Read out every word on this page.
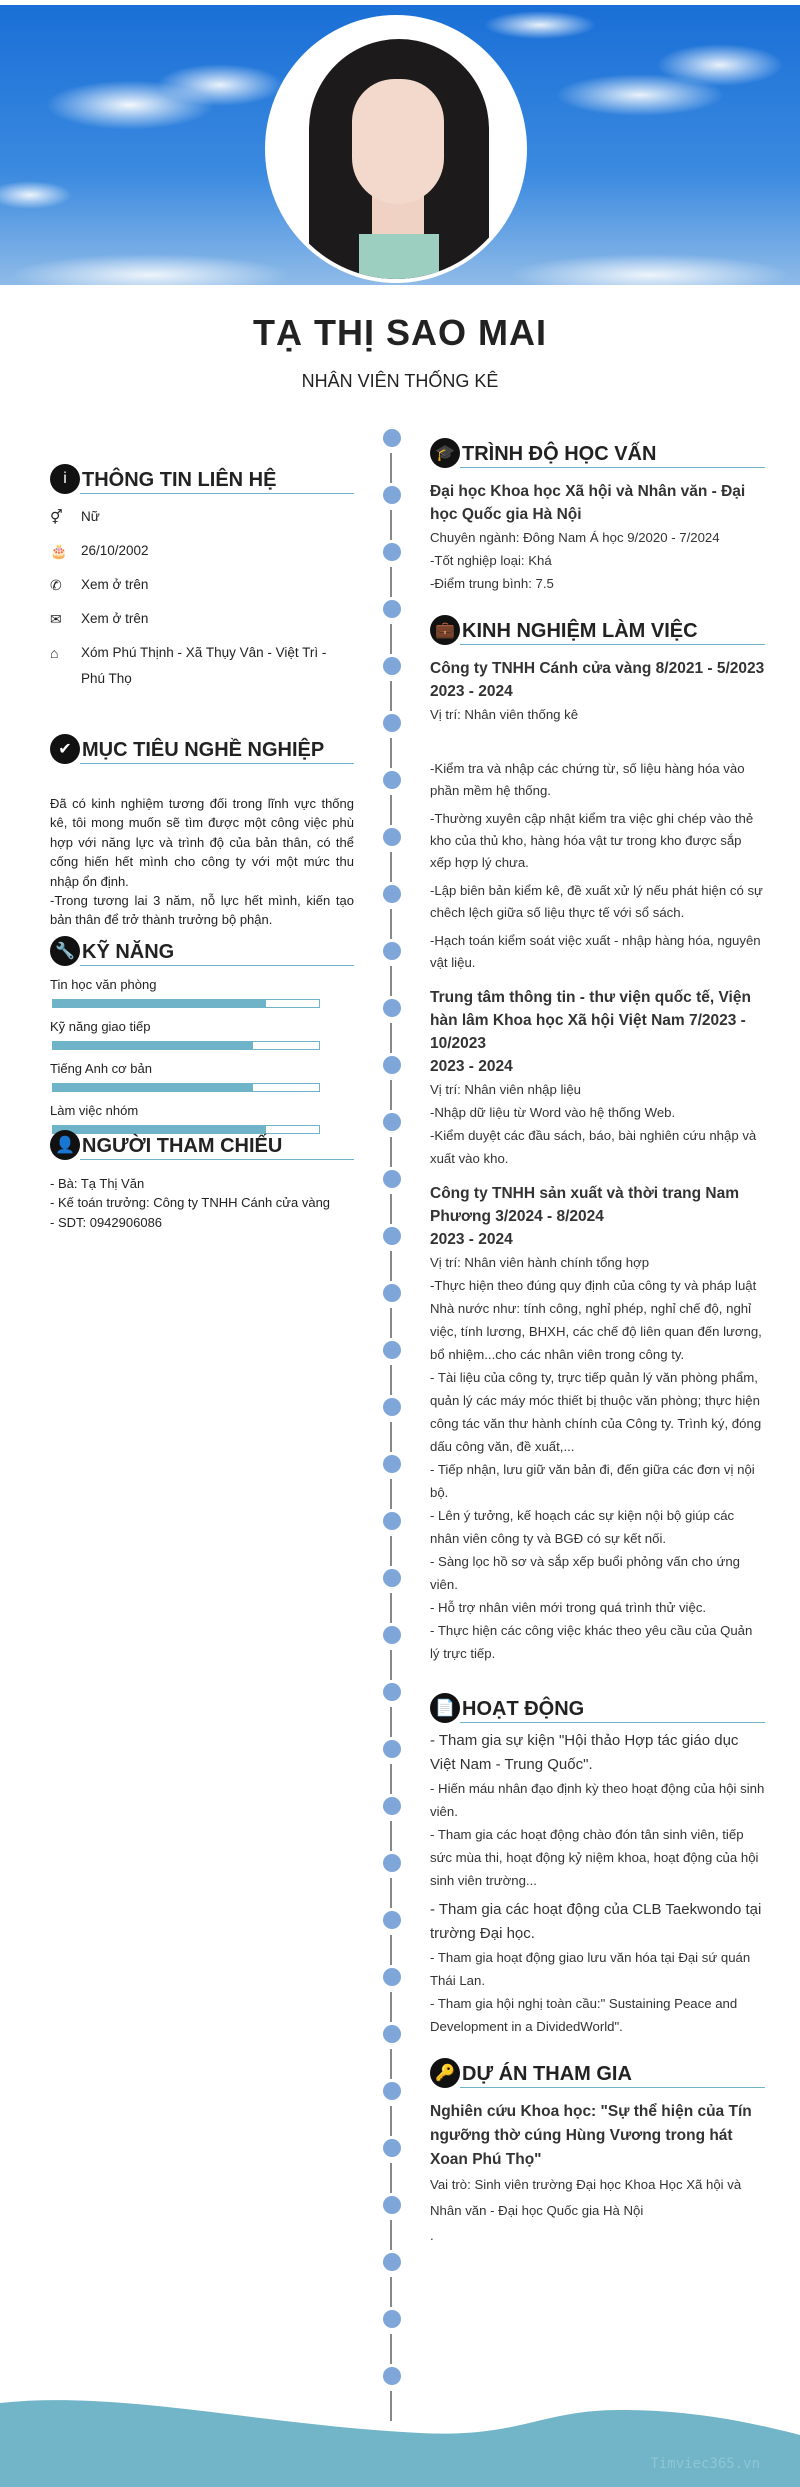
TẠ THỊ SAO MAI
NHÂN VIÊN THỐNG KÊ
i THÔNG TIN LIÊN HỆ
⚥	Nữ
🎂	26/10/2002
✆	Xem ở trên
✉	Xem ở trên
⌂	Xóm Phú Thịnh - Xã Thụy Vân - Việt Trì - Phú Thọ
✔ MỤC TIÊU NGHỀ NGHIỆP
Đã có kinh nghiệm tương đối trong lĩnh vực thống kê, tôi mong muốn sẽ tìm được một công việc phù hợp với năng lực và trình độ của bản thân, có thể cống hiến hết mình cho công ty với một mức thu nhập ổn định.
-Trong tương lai 3 năm, nỗ lực hết mình, kiến tạo bản thân để trở thành trưởng bộ phận.
🔧 KỸ NĂNG
Tin học văn phòng
Kỹ năng giao tiếp
Tiếng Anh cơ bản
Làm việc nhóm
👤 NGƯỜI THAM CHIẾU
- Bà: Tạ Thị Văn
- Kế toán trưởng: Công ty TNHH Cánh cửa vàng
- SDT: 0942906086
🎓 TRÌNH ĐỘ HỌC VẤN
Đại học Khoa học Xã hội và Nhân văn - Đại học Quốc gia Hà Nội
Chuyên ngành: Đông Nam Á học 9/2020 - 7/2024
-Tốt nghiệp loại: Khá
-Điểm trung bình: 7.5
💼 KINH NGHIỆM LÀM VIỆC
Công ty TNHH Cánh cửa vàng 8/2021 - 5/2023
2023 - 2024
Vị trí: Nhân viên thống kê
-Kiểm tra và nhập các chứng từ, số liệu hàng hóa vào phần mềm hệ thống.
-Thường xuyên cập nhật kiểm tra việc ghi chép vào thẻ kho của thủ kho, hàng hóa vật tư trong kho được sắp xếp hợp lý chưa.
-Lập biên bản kiểm kê, đề xuất xử lý nếu phát hiện có sự chêch lệch giữa số liệu thực tế với sổ sách.
-Hạch toán kiểm soát việc xuất - nhập hàng hóa, nguyên vật liệu.
Trung tâm thông tin - thư viện quốc tế, Viện hàn lâm Khoa học Xã hội Việt Nam 7/2023 - 10/2023
2023 - 2024
Vị trí: Nhân viên nhập liệu
-Nhập dữ liệu từ Word vào hệ thống Web.
-Kiểm duyệt các đầu sách, báo, bài nghiên cứu nhập và xuất vào kho.
Công ty TNHH sản xuất và thời trang Nam Phương 3/2024 - 8/2024
2023 - 2024
Vị trí: Nhân viên hành chính tổng hợp
-Thực hiện theo đúng quy định của công ty và pháp luật Nhà nước như: tính công, nghỉ phép, nghỉ chế độ, nghỉ việc, tính lương, BHXH, các chế độ liên quan đến lương, bổ nhiệm...cho các nhân viên trong công ty.
- Tài liệu của công ty, trực tiếp quản lý văn phòng phẩm, quản lý các máy móc thiết bị thuộc văn phòng; thực hiện công tác văn thư hành chính của Công ty. Trình ký, đóng dấu công văn, đề xuất,...
- Tiếp nhận, lưu giữ văn bản đi, đến giữa các đơn vị nội bộ.
- Lên ý tưởng, kế hoạch các sự kiện nội bộ giúp các nhân viên công ty và BGĐ có sự kết nối.
- Sàng lọc hồ sơ và sắp xếp buổi phỏng vấn cho ứng viên.
- Hỗ trợ nhân viên mới trong quá trình thử việc.
- Thực hiện các công việc khác theo yêu cầu của Quản lý trực tiếp.
📄 HOẠT ĐỘNG
- Tham gia sự kiện "Hội thảo Hợp tác giáo dục Việt Nam - Trung Quốc".
- Hiến máu nhân đạo định kỳ theo hoạt động của hội sinh viên.
- Tham gia các hoạt động chào đón tân sinh viên, tiếp sức mùa thi, hoạt động kỷ niệm khoa, hoạt động của hội sinh viên trường...
- Tham gia các hoạt động của CLB Taekwondo tại trường Đại học.
- Tham gia hoạt động giao lưu văn hóa tại Đại sứ quán Thái Lan.
- Tham gia hội nghị toàn cầu:" Sustaining Peace and Development in a DividedWorld".
🔑 DỰ ÁN THAM GIA
Nghiên cứu Khoa học: "Sự thể hiện của Tín ngưỡng thờ cúng Hùng Vương trong hát Xoan Phú Thọ"
Vai trò: Sinh viên trường Đại học Khoa Học Xã hội và Nhân văn - Đại học Quốc gia Hà Nội
.
Timviec365.vn
